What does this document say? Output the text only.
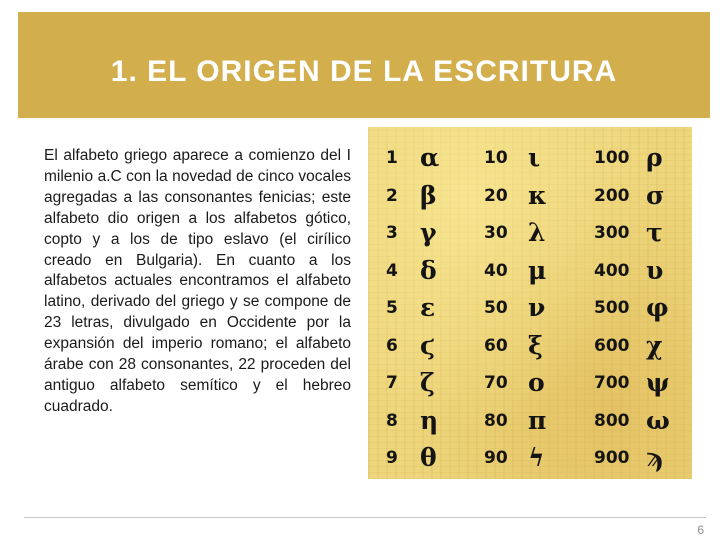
1. EL ORIGEN DE LA ESCRITURA

El alfabeto griego aparece a comienzo del I milenio a.C con la novedad de cinco vocales agregadas a las consonantes fenicias; este alfabeto dio origen a los alfabetos gótico, copto y a los de tipo eslavo (el cirílico creado en Bulgaria). En cuanto a los alfabetos actuales encontramos el alfabeto latino, derivado del griego y se compone de 23 letras, divulgado en Occidente por la expansión del imperio romano; el alfabeto árabe con 28 consonantes, 22 proceden del antiguo alfabeto semítico y el hebreo cuadrado.

1 α
2 β
3 γ
4 δ
5 ε
6 ϛ
7 ζ
8 η
9 θ
10 ι
20 κ
30 λ
40 μ
50 ν
60 ξ
70 ο
80 π
90 ϟ
100 ρ
200 σ
300 τ
400 υ
500 φ
600 χ
700 ψ
800 ω
900 ϡ
6
